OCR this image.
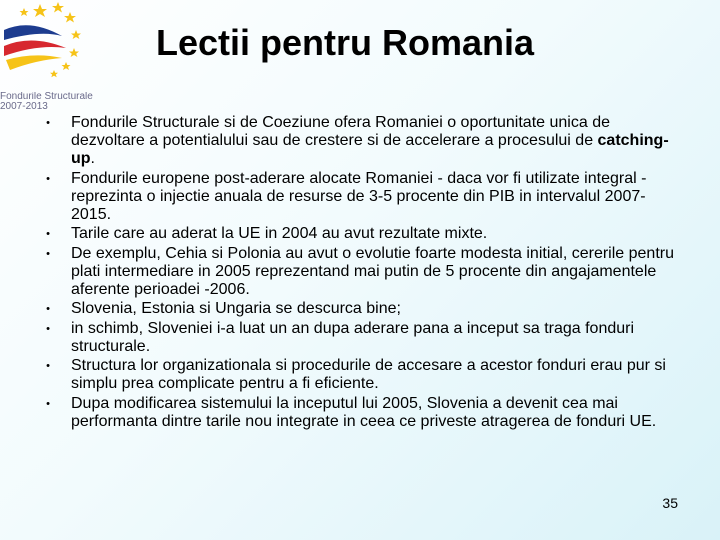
Fondurile Structurale
2007-2013
Lectii pentru Romania
• Fondurile Structurale si de Coeziune ofera Romaniei o oportunitate unica de dezvoltare a potentialului sau de crestere si de accelerare a procesului de catching-up.
• Fondurile europene post-aderare alocate Romaniei - daca vor fi utilizate integral - reprezinta o injectie anuala de resurse de 3-5 procente din PIB in intervalul 2007-2015.
• Tarile care au aderat la UE in 2004 au avut rezultate mixte.
• De exemplu, Cehia si Polonia au avut o evolutie foarte modesta initial, cererile pentru plati intermediare in 2005 reprezentand mai putin de 5 procente din angajamentele aferente perioadei -2006.
• Slovenia, Estonia si Ungaria se descurca bine;
• in schimb, Sloveniei i-a luat un an dupa aderare pana a inceput sa traga fonduri structurale.
• Structura lor organizationala si procedurile de accesare a acestor fonduri erau pur si simplu prea complicate pentru a fi eficiente.
• Dupa modificarea sistemului la inceputul lui 2005, Slovenia a devenit cea mai performanta dintre tarile nou integrate in ceea ce priveste atragerea de fonduri UE.
35
